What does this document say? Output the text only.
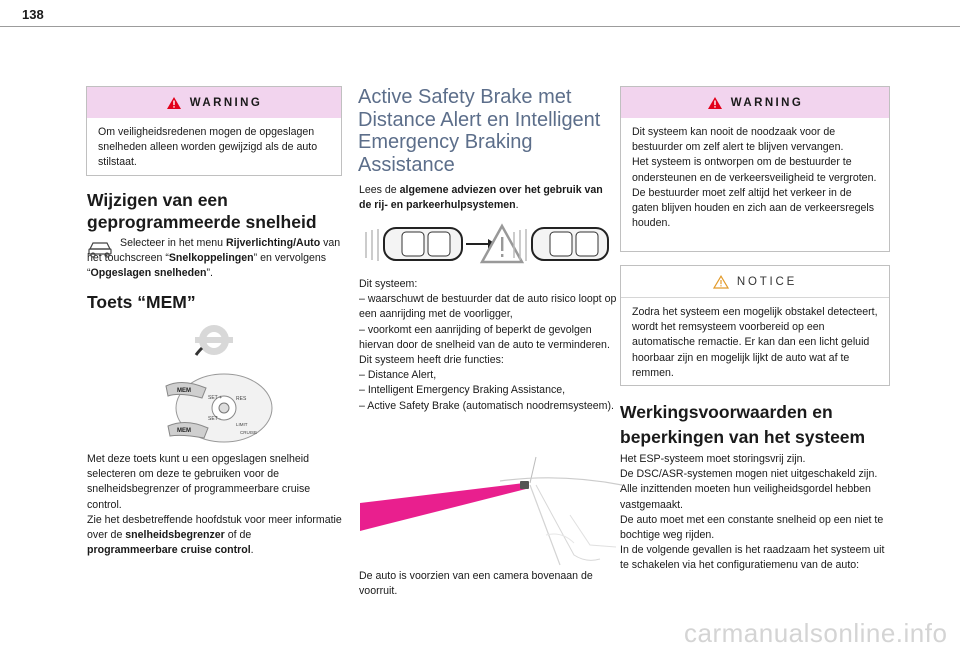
138
WARNING

Om veiligheidsredenen mogen de opgeslagen snelheden alleen worden gewijzigd als de auto stilstaat.

Wijzigen van een
geprogrammeerde snelheid

Selecteer in het menu Rijverlichting/Auto van het touchscreen “Snelkoppelingen” en vervolgens “Opgeslagen snelheden”.

Toets “MEM”
MEM
SET +
SET -
RES
MEM
LIMIT
CRUISE

Met deze toets kunt u een opgeslagen snelheid selecteren om deze te gebruiken voor de snelheidsbegrenzer of programmeerbare cruise control.

Zie het desbetreffende hoofdstuk voor meer informatie over de snelheidsbegrenzer of de programmeerbare cruise control.

Active Safety Brake met
Distance Alert en Intelligent
Emergency Braking
Assistance

Lees de algemene adviezen over het gebruik van de rij- en parkeerhulpsystemen.

Dit systeem:

– waarschuwt de bestuurder dat de auto risico loopt op een aanrijding met de voorligger,

– voorkomt een aanrijding of beperkt de gevolgen hiervan door de snelheid van de auto te verminderen.

Dit systeem heeft drie functies:

– Distance Alert,

– Intelligent Emergency Braking Assistance,

– Active Safety Brake (automatisch noodremsysteem).

De auto is voorzien van een camera bovenaan de voorruit.

WARNING

Dit systeem kan nooit de noodzaak voor de bestuurder om zelf alert te blijven vervangen.

Het systeem is ontworpen om de bestuurder te ondersteunen en de verkeersveiligheid te vergroten.

De bestuurder moet zelf altijd het verkeer in de gaten blijven houden en zich aan de verkeersregels houden.

NOTICE

Zodra het systeem een mogelijk obstakel detecteert, wordt het remsysteem voorbereid op een automatische remactie. Er kan dan een licht geluid hoorbaar zijn en mogelijk lijkt de auto wat af te remmen.

Werkingsvoorwaarden en
beperkingen van het systeem

Het ESP-systeem moet storingsvrij zijn.

De DSC/ASR-systemen mogen niet uitgeschakeld zijn.

Alle inzittenden moeten hun veiligheidsgordel hebben vastgemaakt.

De auto moet met een constante snelheid op een niet te bochtige weg rijden.

In de volgende gevallen is het raadzaam het systeem uit te schakelen via het configuratiemenu van de auto:

carmanualsonline.info
